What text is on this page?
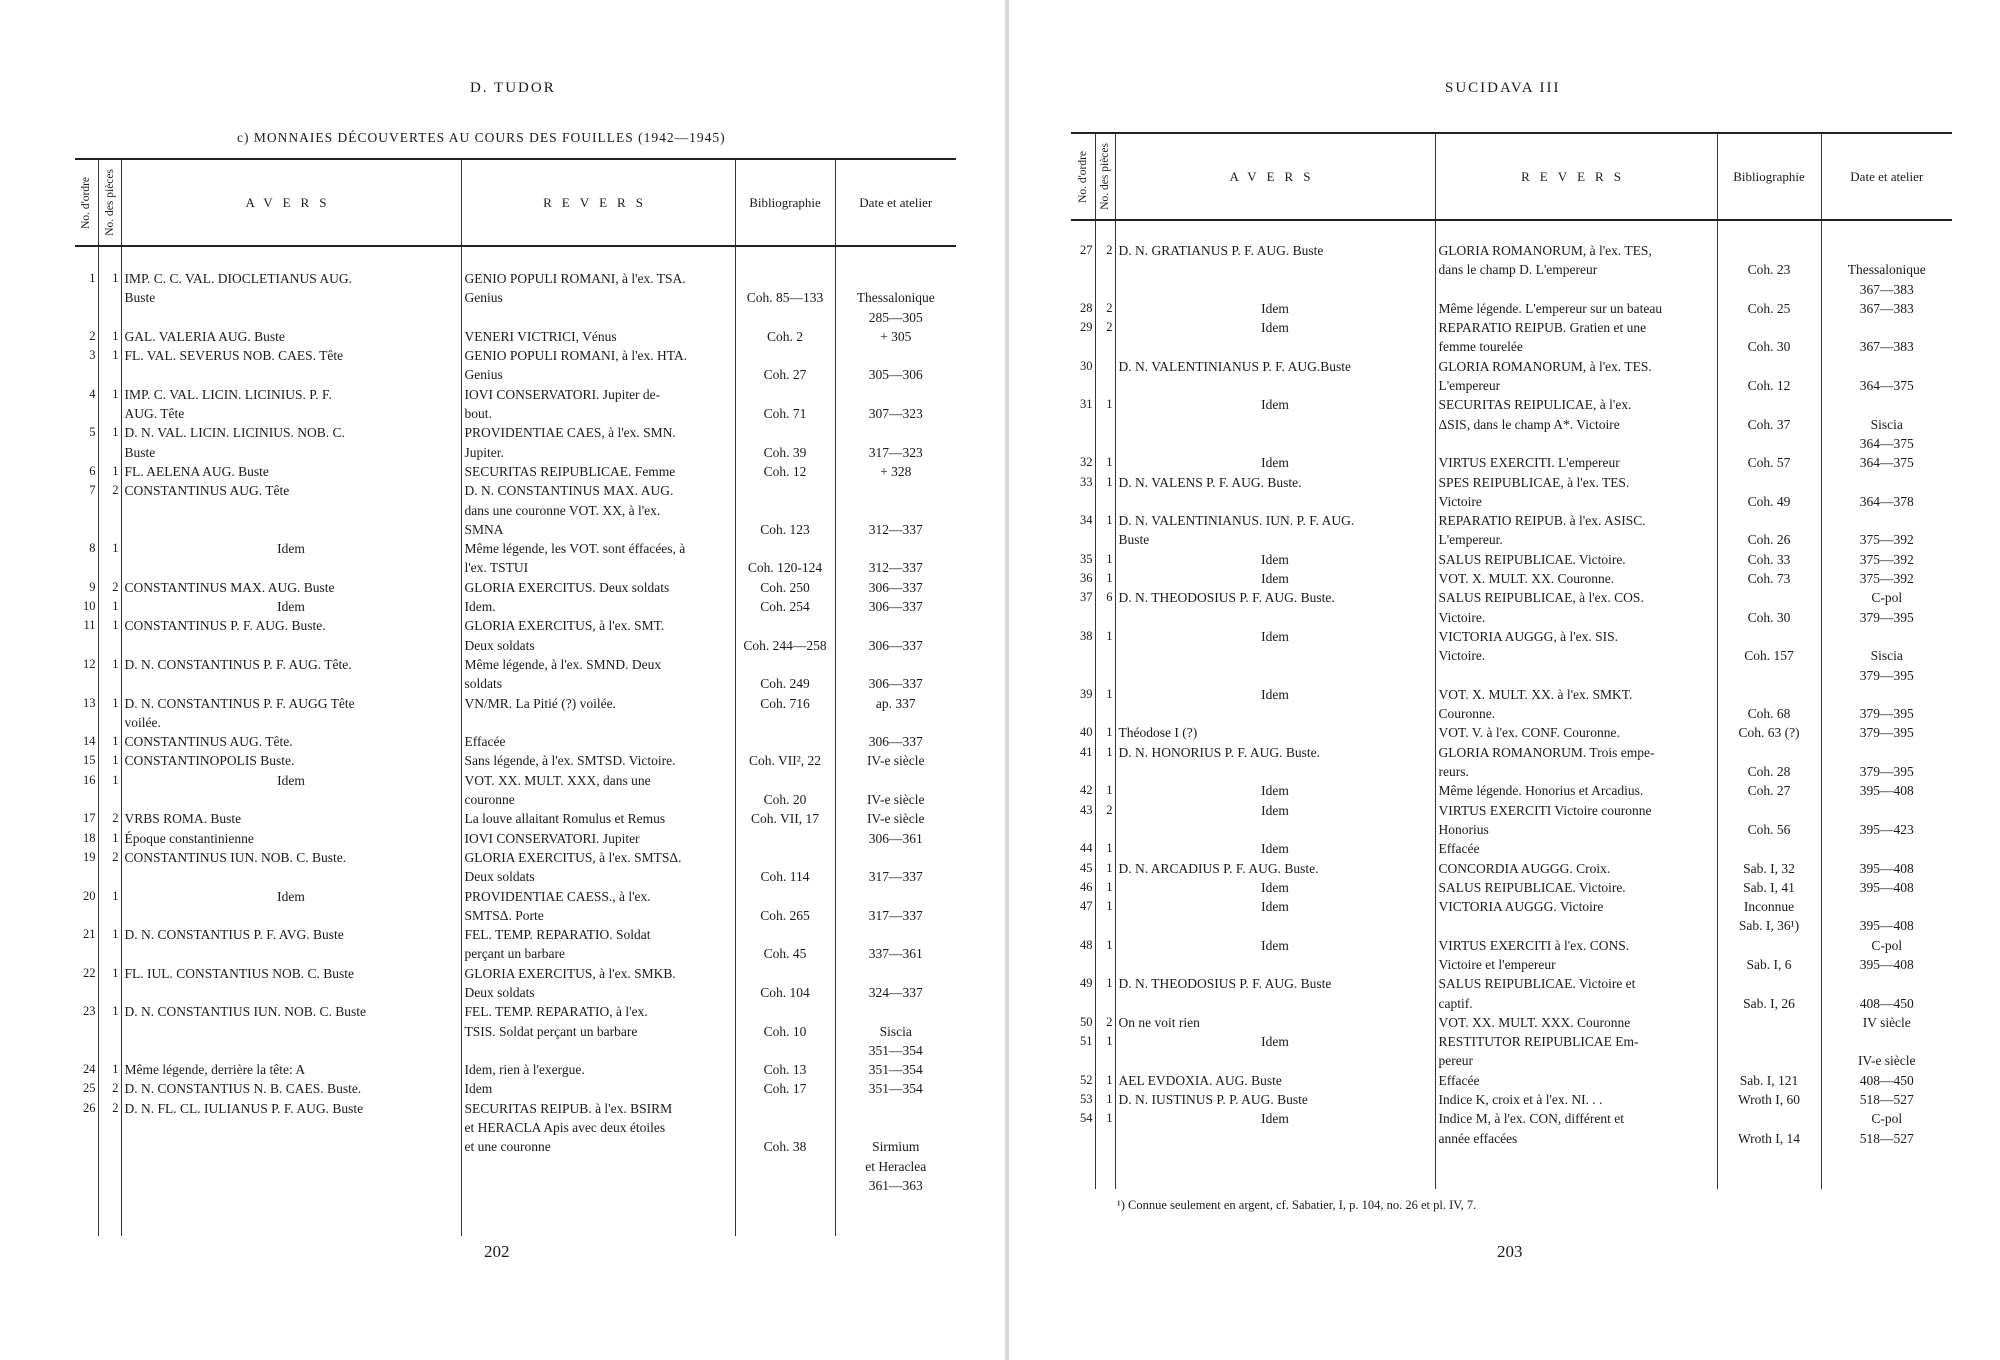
D. TUDOR
c) MONNAIES DÉCOUVERTES AU COURS DES FOUILLES (1942—1945)
No. d'ordre	No. des pièces	AVERS	REVERS	Bibliographie	Date et atelier
1	1	IMP. C. C. VAL. DIOCLETIANUS AUG.	GENIO POPULI ROMANI, à l'ex. TSA.		
		Buste	Genius	Coh. 85—133	Thessalonique
					285—305
2	1	GAL. VALERIA AUG. Buste	VENERI VICTRICI, Vénus	Coh. 2	+ 305
3	1	FL. VAL. SEVERUS NOB. CAES. Tête	GENIO POPULI ROMANI, à l'ex. HTA.		
			Genius	Coh. 27	305—306
4	1	IMP. C. VAL. LICIN. LICINIUS. P. F.	IOVI CONSERVATORI. Jupiter de-		
		AUG. Tête	bout.	Coh. 71	307—323
5	1	D. N. VAL. LICIN. LICINIUS. NOB. C.	PROVIDENTIAE CAES, à l'ex. SMN.		
		Buste	Jupiter.	Coh. 39	317—323
6	1	FL. AELENA AUG. Buste	SECURITAS REIPUBLICAE. Femme	Coh. 12	+ 328
7	2	CONSTANTINUS AUG. Tête	D. N. CONSTANTINUS MAX. AUG.		
			dans une couronne VOT. XX, à l'ex.		
			SMNA	Coh. 123	312—337
8	1	Idem	Même légende, les VOT. sont éffacées, à		
			l'ex. TSTUI	Coh. 120-124	312—337
9	2	CONSTANTINUS MAX. AUG. Buste	GLORIA EXERCITUS. Deux soldats	Coh. 250	306—337
10	1	Idem	Idem.	Coh. 254	306—337
11	1	CONSTANTINUS P. F. AUG. Buste.	GLORIA EXERCITUS, à l'ex. SMT.		
			Deux soldats	Coh. 244—258	306—337
12	1	D. N. CONSTANTINUS P. F. AUG. Tête.	Même légende, à l'ex. SMND. Deux		
			soldats	Coh. 249	306—337
13	1	D. N. CONSTANTINUS P. F. AUGG Tête	VN/MR. La Pitié (?) voilée.	Coh. 716	ap. 337
		voilée.			
14	1	CONSTANTINUS AUG. Tête.	Effacée		306—337
15	1	CONSTANTINOPOLIS Buste.	Sans légende, à l'ex. SMTSD. Victoire.	Coh. VII², 22	IV-e siècle
16	1	Idem	VOT. XX. MULT. XXX, dans une		
			couronne	Coh. 20	IV-e siècle
17	2	VRBS ROMA. Buste	La louve allaitant Romulus et Remus	Coh. VII, 17	IV-e siècle
18	1	Époque constantinienne	IOVI CONSERVATORI. Jupiter		306—361
19	2	CONSTANTINUS IUN. NOB. C. Buste.	GLORIA EXERCITUS, à l'ex. SMTSΔ.		
			Deux soldats	Coh. 114	317—337
20	1	Idem	PROVIDENTIAE CAESS., à l'ex.		
			SMTSΔ. Porte	Coh. 265	317—337
21	1	D. N. CONSTANTIUS P. F. AVG. Buste	FEL. TEMP. REPARATIO. Soldat		
			perçant un barbare	Coh. 45	337—361
22	1	FL. IUL. CONSTANTIUS NOB. C. Buste	GLORIA EXERCITUS, à l'ex. SMKB.		
			Deux soldats	Coh. 104	324—337
23	1	D. N. CONSTANTIUS IUN. NOB. C. Buste	FEL. TEMP. REPARATIO, à l'ex.		
			TSIS. Soldat perçant un barbare	Coh. 10	Siscia
					351—354
24	1	Même légende, derrière la tête: A	Idem, rien à l'exergue.	Coh. 13	351—354
25	2	D. N. CONSTANTIUS N. B. CAES. Buste.	Idem	Coh. 17	351—354
26	2	D. N. FL. CL. IULIANUS P. F. AUG. Buste	SECURITAS REIPUB. à l'ex. BSIRM		
			et HERACLA Apis avec deux étoiles		
			et une couronne	Coh. 38	Sirmium
					et Heraclea
					361—363
202
SUCIDAVA III
No. d'ordre	No. des pièces	AVERS	REVERS	Bibliographie	Date et atelier
27	2	D. N. GRATIANUS P. F. AUG. Buste	GLORIA ROMANORUM, à l'ex. TES,		
			dans le champ D. L'empereur	Coh. 23	Thessalonique
					367—383
28	2	Idem	Même légende. L'empereur sur un bateau	Coh. 25	367—383
29	2	Idem	REPARATIO REIPUB. Gratien et une		
			femme tourelée	Coh. 30	367—383
30		D. N. VALENTINIANUS P. F. AUG.Buste	GLORIA ROMANORUM, à l'ex. TES.		
			L'empereur	Coh. 12	364—375
31	1	Idem	SECURITAS REIPULICAE, à l'ex.		
			ΔSIS, dans le champ A*. Victoire	Coh. 37	Siscia
					364—375
32	1	Idem	VIRTUS EXERCITI. L'empereur	Coh. 57	364—375
33	1	D. N. VALENS P. F. AUG. Buste.	SPES REIPUBLICAE, à l'ex. TES.		
			Victoire	Coh. 49	364—378
34	1	D. N. VALENTINIANUS. IUN. P. F. AUG.	REPARATIO REIPUB. à l'ex. ASISC.		
		Buste	L'empereur.	Coh. 26	375—392
35	1	Idem	SALUS REIPUBLICAE. Victoire.	Coh. 33	375—392
36	1	Idem	VOT. X. MULT. XX. Couronne.	Coh. 73	375—392
37	6	D. N. THEODOSIUS P. F. AUG. Buste.	SALUS REIPUBLICAE, à l'ex. COS.		C-pol
			Victoire.	Coh. 30	379—395
38	1	Idem	VICTORIA AUGGG, à l'ex. SIS.		
			Victoire.	Coh. 157	Siscia
					379—395
39	1	Idem	VOT. X. MULT. XX. à l'ex. SMKT.		
			Couronne.	Coh. 68	379—395
40	1	Théodose I (?)	VOT. V. à l'ex. CONF. Couronne.	Coh. 63 (?)	379—395
41	1	D. N. HONORIUS P. F. AUG. Buste.	GLORIA ROMANORUM. Trois empe-		
			reurs.	Coh. 28	379—395
42	1	Idem	Même légende. Honorius et Arcadius.	Coh. 27	395—408
43	2	Idem	VIRTUS EXERCITI Victoire couronne		
			Honorius	Coh. 56	395—423
44	1	Idem	Effacée		
45	1	D. N. ARCADIUS P. F. AUG. Buste.	CONCORDIA AUGGG. Croix.	Sab. I, 32	395—408
46	1	Idem	SALUS REIPUBLICAE. Victoire.	Sab. I, 41	395—408
47	1	Idem	VICTORIA AUGGG. Victoire	Inconnue	
				Sab. I, 36¹)	395—408
48	1	Idem	VIRTUS EXERCITI à l'ex. CONS.		C-pol
			Victoire et l'empereur	Sab. I, 6	395—408
49	1	D. N. THEODOSIUS P. F. AUG. Buste	SALUS REIPUBLICAE. Victoire et		
			captif.	Sab. I, 26	408—450
50	2	On ne voit rien	VOT. XX. MULT. XXX. Couronne		IV siècle
51	1	Idem	RESTITUTOR REIPUBLICAE Em-		
			pereur		IV-e siècle
52	1	AEL EVDOXIA. AUG. Buste	Effacée	Sab. I, 121	408—450
53	1	D. N. IUSTINUS P. P. AUG. Buste	Indice K, croix et à l'ex. NI. . .	Wroth I, 60	518—527
54	1	Idem	Indice M, à l'ex. CON, différent et		C-pol
			année effacées	Wroth I, 14	518—527
¹) Connue seulement en argent, cf. Sabatier, I, p. 104, no. 26 et pl. IV, 7.
203
